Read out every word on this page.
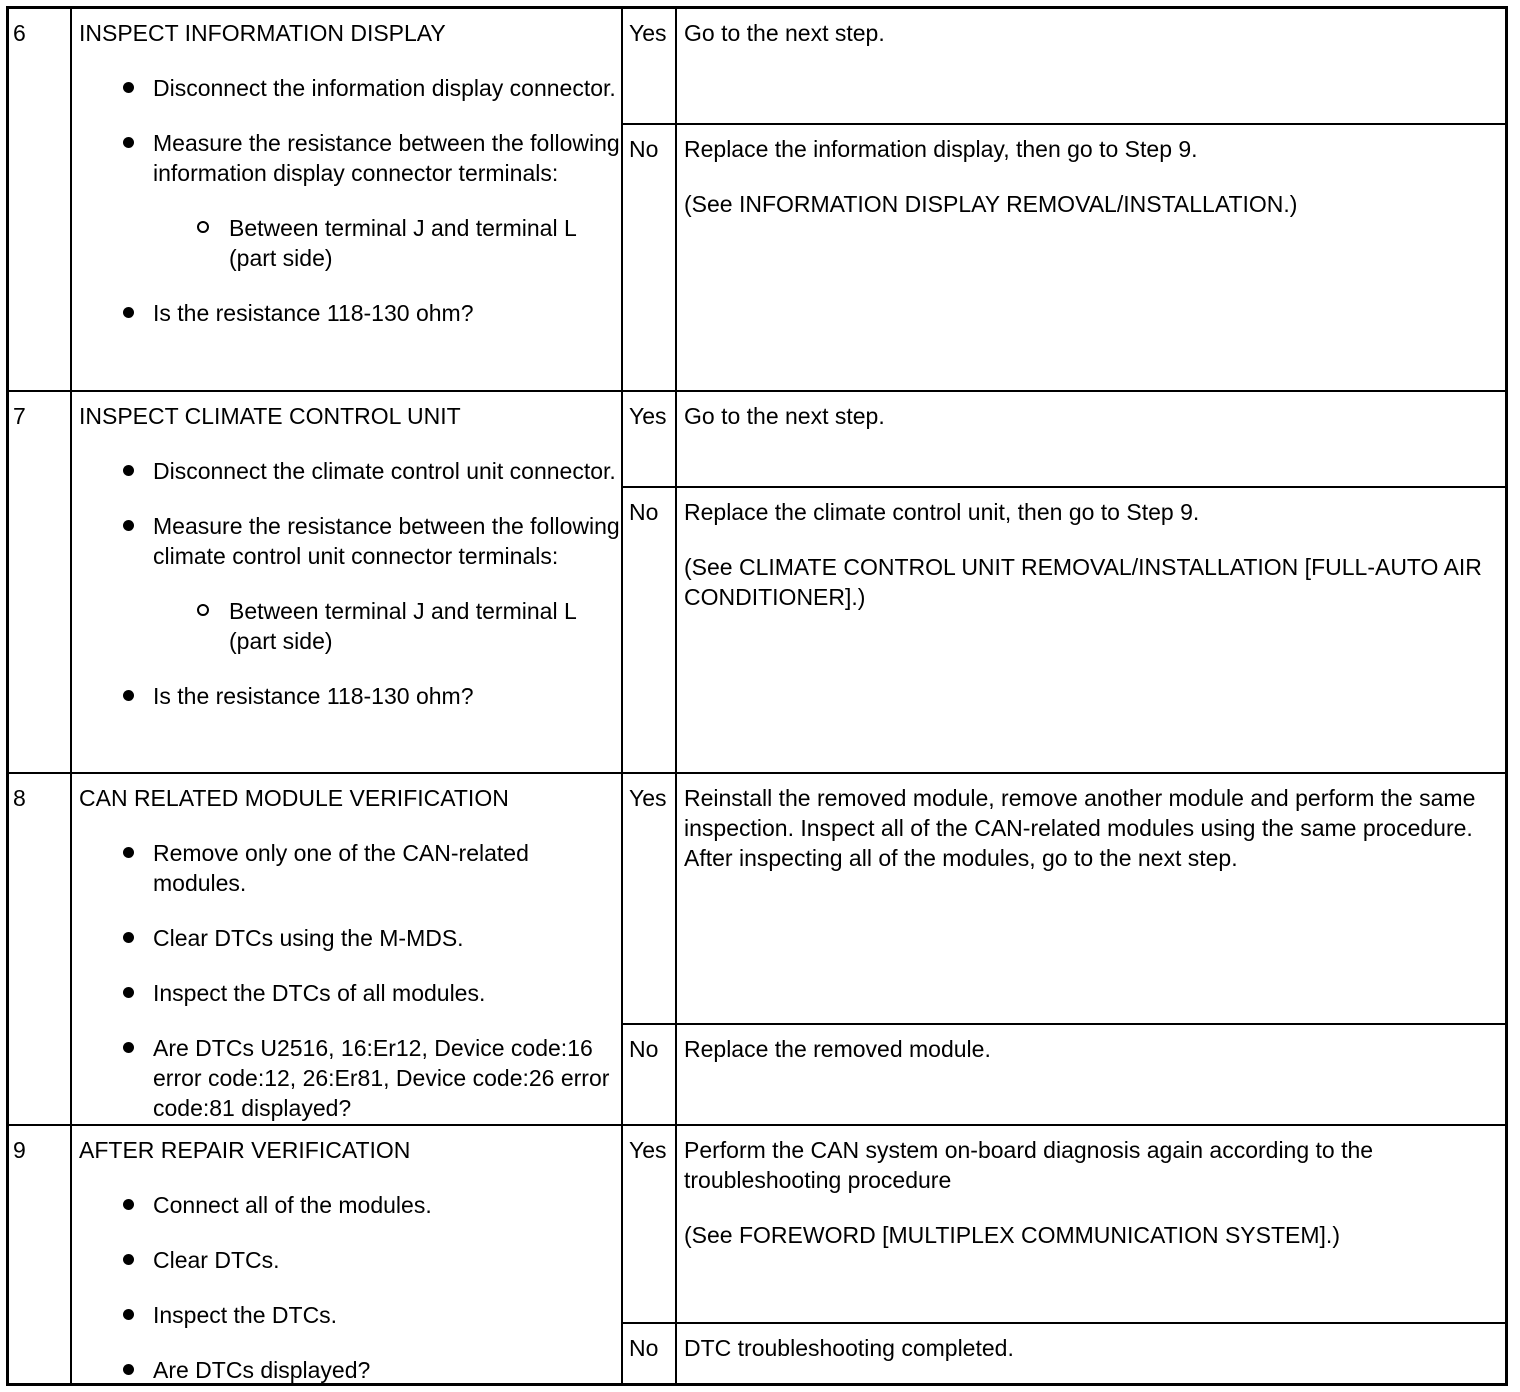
6	INSPECT INFORMATION DISPLAY
Disconnect the information display connector.
Measure the resistance between the following information display connector terminals:
Between terminal J and terminal L (part side)
Is the resistance 118-130 ohm?
Yes Go to the next step.

No	Replace the information display, then go to Step 9.

(See INFORMATION DISPLAY REMOVAL/INSTALLATION.)

7	INSPECT CLIMATE CONTROL UNIT
Disconnect the climate control unit connector.
Measure the resistance between the following climate control unit connector terminals:
Between terminal J and terminal L (part side)
Is the resistance 118-130 ohm?
Yes Go to the next step.

No	Replace the climate control unit, then go to Step 9.

(See CLIMATE CONTROL UNIT REMOVAL/INSTALLATION [FULL-AUTO AIR CONDITIONER].)

8	CAN RELATED MODULE VERIFICATION
Remove only one of the CAN-related modules.
Clear DTCs using the M-MDS.
Inspect the DTCs of all modules.
Are DTCs U2516, 16:Er12, Device code:16 error code:12, 26:Er81, Device code:26 error code:81 displayed?
Yes Reinstall the removed module, remove another module and perform the same inspection. Inspect all of the CAN-related modules using the same procedure. After inspecting all of the modules, go to the next step.

No	Replace the removed module.

9	AFTER REPAIR VERIFICATION
Connect all of the modules.
Clear DTCs.
Inspect the DTCs.
Are DTCs displayed?
Yes Perform the CAN system on-board diagnosis again according to the troubleshooting procedure

(See FOREWORD [MULTIPLEX COMMUNICATION SYSTEM].)

No	DTC troubleshooting completed.
